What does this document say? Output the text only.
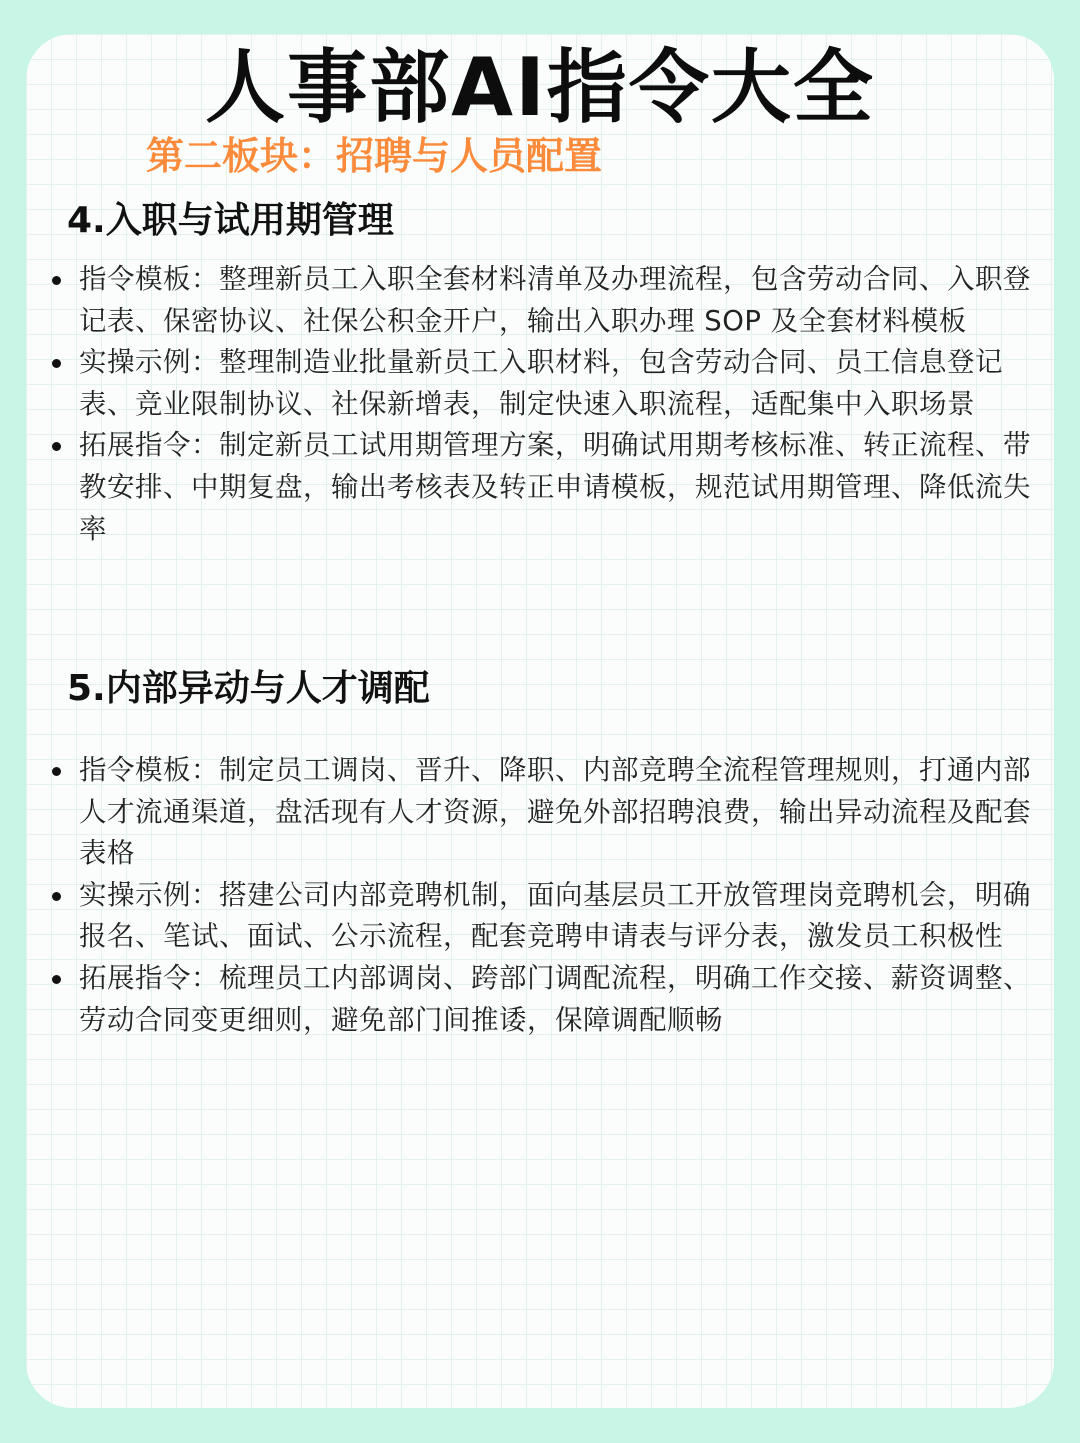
人事部AI指令大全
第二板块：招聘与人员配置
4.入职与试用期管理
指令模板：整理新员工入职全套材料清单及办理流程，包含劳动合同、入职登记表、保密协议、社保公积金开户，输出入职办理 SOP 及全套材料模板
实操示例：整理制造业批量新员工入职材料，包含劳动合同、员工信息登记表、竞业限制协议、社保新增表，制定快速入职流程，适配集中入职场景
拓展指令：制定新员工试用期管理方案，明确试用期考核标准、转正流程、带教安排、中期复盘，输出考核表及转正申请模板，规范试用期管理、降低流失率
5.内部异动与人才调配
指令模板：制定员工调岗、晋升、降职、内部竞聘全流程管理规则，打通内部人才流通渠道，盘活现有人才资源，避免外部招聘浪费，输出异动流程及配套表格
实操示例：搭建公司内部竞聘机制，面向基层员工开放管理岗竞聘机会，明确报名、笔试、面试、公示流程，配套竞聘申请表与评分表，激发员工积极性
拓展指令：梳理员工内部调岗、跨部门调配流程，明确工作交接、薪资调整、劳动合同变更细则，避免部门间推诿，保障调配顺畅
